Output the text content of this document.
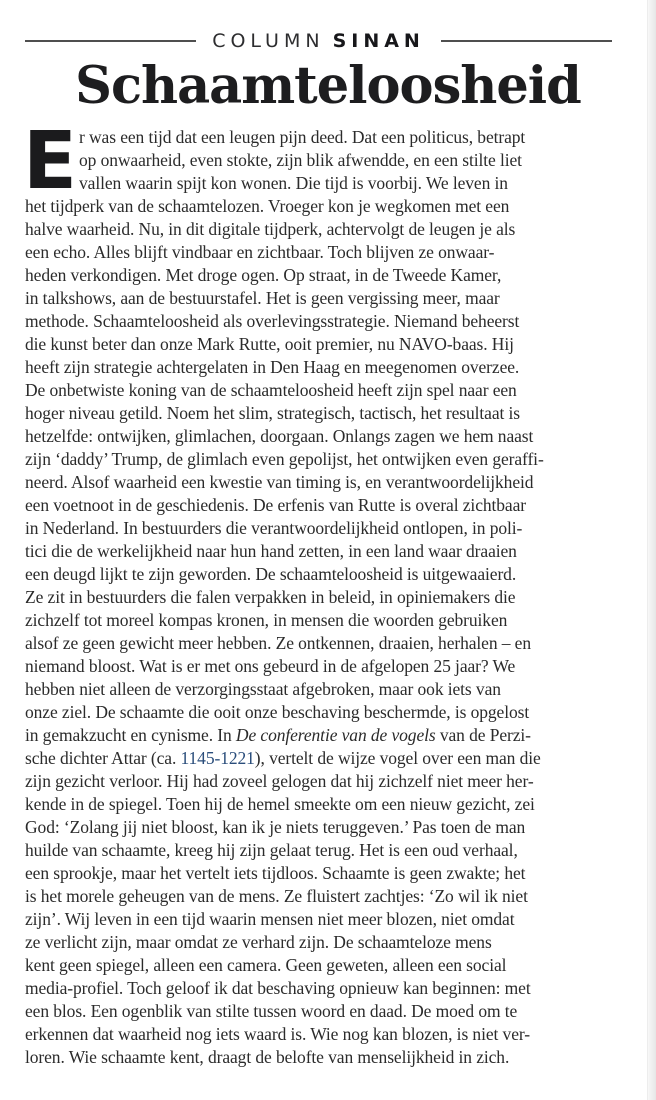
COLUMN SINAN
Schaamteloosheid
E r was een tijd dat een leugen pijn deed. Dat een politicus, betrapt
op onwaarheid, even stokte, zijn blik afwendde, en een stilte liet
vallen waarin spijt kon wonen. Die tijd is voorbij. We leven in
het tijdperk van de schaamtelozen. Vroeger kon je wegkomen met een
halve waarheid. Nu, in dit digitale tijdperk, achtervolgt de leugen je als
een echo. Alles blijft vindbaar en zichtbaar. Toch blijven ze onwaar-
heden verkondigen. Met droge ogen. Op straat, in de Tweede Kamer,
in talkshows, aan de bestuurstafel. Het is geen vergissing meer, maar
methode. Schaamteloosheid als overlevingsstrategie. Niemand beheerst
die kunst beter dan onze Mark Rutte, ooit premier, nu NAVO-baas. Hij
heeft zijn strategie achtergelaten in Den Haag en meegenomen overzee.
De onbetwiste koning van de schaamteloosheid heeft zijn spel naar een
hoger niveau getild. Noem het slim, strategisch, tactisch, het resultaat is
hetzelfde: ontwijken, glimlachen, doorgaan. Onlangs zagen we hem naast
zijn ‘daddy’ Trump, de glimlach even gepolijst, het ontwijken even geraffi-
neerd. Alsof waarheid een kwestie van timing is, en verantwoordelijkheid
een voetnoot in de geschiedenis. De erfenis van Rutte is overal zichtbaar
in Nederland. In bestuurders die verantwoordelijkheid ontlopen, in poli-
tici die de werkelijkheid naar hun hand zetten, in een land waar draaien
een deugd lijkt te zijn geworden. De schaamteloosheid is uitgewaaierd.
Ze zit in bestuurders die falen verpakken in beleid, in opiniemakers die
zichzelf tot moreel kompas kronen, in mensen die woorden gebruiken
alsof ze geen gewicht meer hebben. Ze ontkennen, draaien, herhalen – en
niemand bloost. Wat is er met ons gebeurd in de afgelopen 25 jaar? We
hebben niet alleen de verzorgingsstaat afgebroken, maar ook iets van
onze ziel. De schaamte die ooit onze beschaving beschermde, is opgelost
in gemakzucht en cynisme. In De conferentie van de vogels van de Perzi-
sche dichter Attar (ca. 1145-1221), vertelt de wijze vogel over een man die
zijn gezicht verloor. Hij had zoveel gelogen dat hij zichzelf niet meer her-
kende in de spiegel. Toen hij de hemel smeekte om een nieuw gezicht, zei
God: ‘Zolang jij niet bloost, kan ik je niets teruggeven.’ Pas toen de man
huilde van schaamte, kreeg hij zijn gelaat terug. Het is een oud verhaal,
een sprookje, maar het vertelt iets tijdloos. Schaamte is geen zwakte; het
is het morele geheugen van de mens. Ze fluistert zachtjes: ‘Zo wil ik niet
zijn’. Wij leven in een tijd waarin mensen niet meer blozen, niet omdat
ze verlicht zijn, maar omdat ze verhard zijn. De schaamteloze mens
kent geen spiegel, alleen een camera. Geen geweten, alleen een social
media-profiel. Toch geloof ik dat beschaving opnieuw kan beginnen: met
een blos. Een ogenblik van stilte tussen woord en daad. De moed om te
erkennen dat waarheid nog iets waard is. Wie nog kan blozen, is niet ver-
loren. Wie schaamte kent, draagt de belofte van menselijkheid in zich.
